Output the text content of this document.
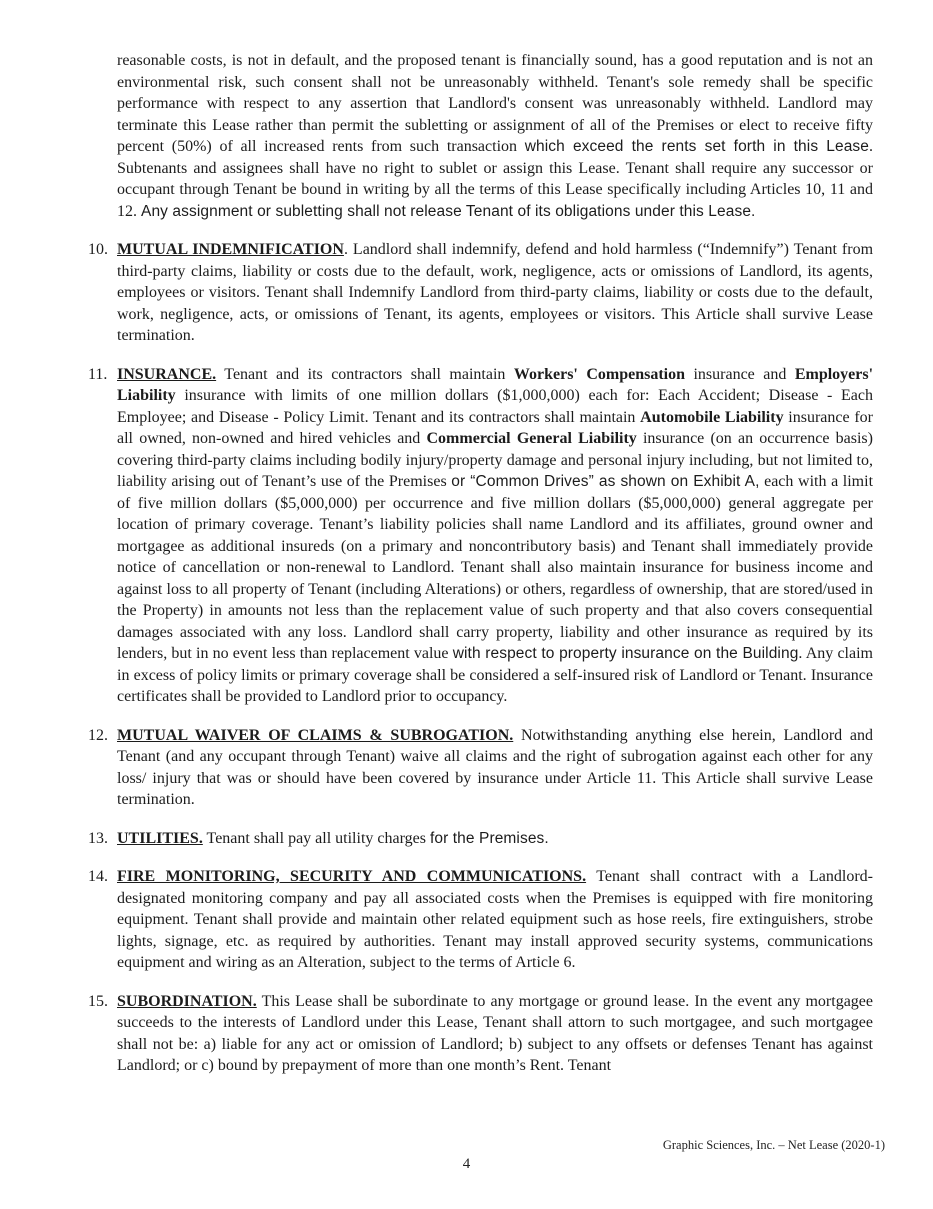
reasonable costs, is not in default, and the proposed tenant is financially sound, has a good reputation and is not an environmental risk, such consent shall not be unreasonably withheld. Tenant's sole remedy shall be specific performance with respect to any assertion that Landlord's consent was unreasonably withheld. Landlord may terminate this Lease rather than permit the subletting or assignment of all of the Premises or elect to receive fifty percent (50%) of all increased rents from such transaction which exceed the rents set forth in this Lease. Subtenants and assignees shall have no right to sublet or assign this Lease. Tenant shall require any successor or occupant through Tenant be bound in writing by all the terms of this Lease specifically including Articles 10, 11 and 12. Any assignment or subletting shall not release Tenant of its obligations under this Lease.
10. MUTUAL INDEMNIFICATION. Landlord shall indemnify, defend and hold harmless (“Indemnify”) Tenant from third-party claims, liability or costs due to the default, work, negligence, acts or omissions of Landlord, its agents, employees or visitors. Tenant shall Indemnify Landlord from third-party claims, liability or costs due to the default, work, negligence, acts, or omissions of Tenant, its agents, employees or visitors. This Article shall survive Lease termination.
11. INSURANCE. Tenant and its contractors shall maintain Workers' Compensation insurance and Employers' Liability insurance with limits of one million dollars ($1,000,000) each for: Each Accident; Disease - Each Employee; and Disease - Policy Limit. Tenant and its contractors shall maintain Automobile Liability insurance for all owned, non-owned and hired vehicles and Commercial General Liability insurance (on an occurrence basis) covering third-party claims including bodily injury/property damage and personal injury including, but not limited to, liability arising out of Tenant’s use of the Premises or “Common Drives” as shown on Exhibit A, each with a limit of five million dollars ($5,000,000) per occurrence and five million dollars ($5,000,000) general aggregate per location of primary coverage. Tenant’s liability policies shall name Landlord and its affiliates, ground owner and mortgagee as additional insureds (on a primary and noncontributory basis) and Tenant shall immediately provide notice of cancellation or non-renewal to Landlord. Tenant shall also maintain insurance for business income and against loss to all property of Tenant (including Alterations) or others, regardless of ownership, that are stored/used in the Property) in amounts not less than the replacement value of such property and that also covers consequential damages associated with any loss. Landlord shall carry property, liability and other insurance as required by its lenders, but in no event less than replacement value with respect to property insurance on the Building. Any claim in excess of policy limits or primary coverage shall be considered a self-insured risk of Landlord or Tenant. Insurance certificates shall be provided to Landlord prior to occupancy.
12. MUTUAL WAIVER OF CLAIMS & SUBROGATION. Notwithstanding anything else herein, Landlord and Tenant (and any occupant through Tenant) waive all claims and the right of subrogation against each other for any loss/ injury that was or should have been covered by insurance under Article 11. This Article shall survive Lease termination.
13. UTILITIES. Tenant shall pay all utility charges for the Premises.
14. FIRE MONITORING, SECURITY AND COMMUNICATIONS. Tenant shall contract with a Landlord-designated monitoring company and pay all associated costs when the Premises is equipped with fire monitoring equipment. Tenant shall provide and maintain other related equipment such as hose reels, fire extinguishers, strobe lights, signage, etc. as required by authorities. Tenant may install approved security systems, communications equipment and wiring as an Alteration, subject to the terms of Article 6.
15. SUBORDINATION. This Lease shall be subordinate to any mortgage or ground lease. In the event any mortgagee succeeds to the interests of Landlord under this Lease, Tenant shall attorn to such mortgagee, and such mortgagee shall not be: a) liable for any act or omission of Landlord; b) subject to any offsets or defenses Tenant has against Landlord; or c) bound by prepayment of more than one month’s Rent. Tenant
Graphic Sciences, Inc. – Net Lease (2020-1)
4
